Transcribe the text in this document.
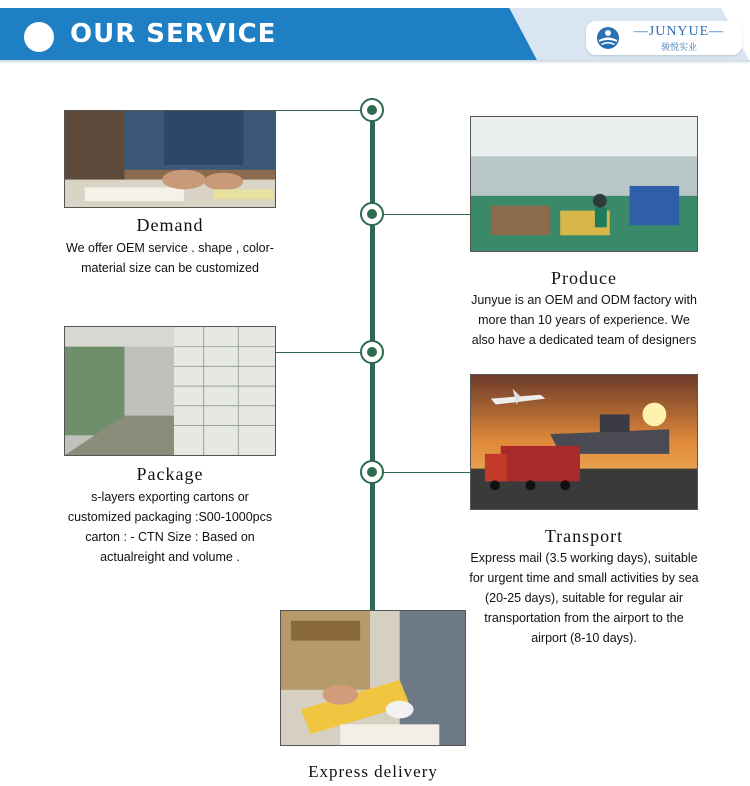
OUR SERVICE	—JUNYUE—
骏悦实业
Demand
We offer OEM service . shape , color-material size can be customized	Produce
Junyue is an OEM and ODM factory with more than 10 years of experience. We also have a dedicated team of designers
Package
s-layers exporting cartons or customized packaging :S00-1000pcs carton : - CTN Size : Based on actualreight and volume .
Transport
Express mail (3.5 working days), suitable for urgent time and small activities by sea (20-25 days), suitable for regular air transportation from the airport to the airport (8-10 days).
Express delivery
